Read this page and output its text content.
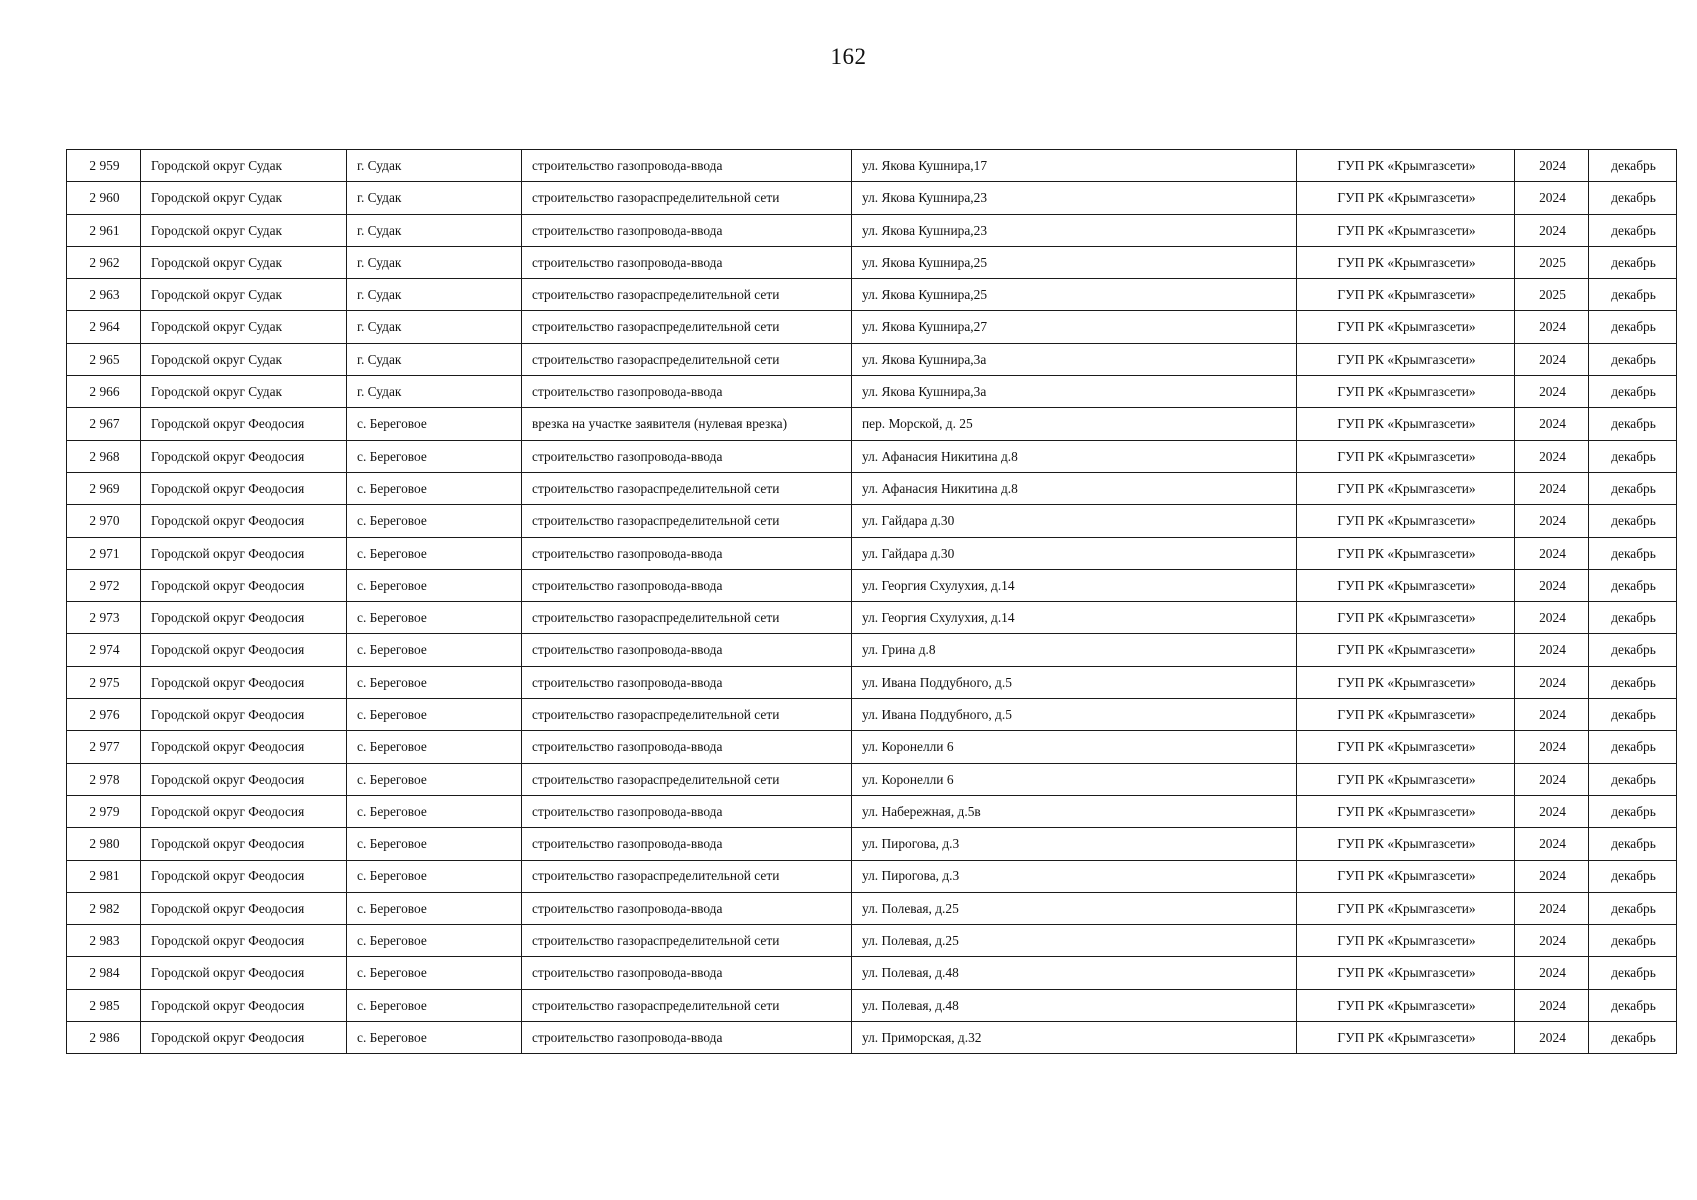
162
2 959	Городской округ Судак	г. Судак	строительство газопровода-ввода	ул. Якова Кушнира,17	ГУП РК «Крымгазсети»	2024	декабрь
2 960	Городской округ Судак	г. Судак	строительство газораспределительной сети	ул. Якова Кушнира,23	ГУП РК «Крымгазсети»	2024	декабрь
2 961	Городской округ Судак	г. Судак	строительство газопровода-ввода	ул. Якова Кушнира,23	ГУП РК «Крымгазсети»	2024	декабрь
2 962	Городской округ Судак	г. Судак	строительство газопровода-ввода	ул. Якова Кушнира,25	ГУП РК «Крымгазсети»	2025	декабрь
2 963	Городской округ Судак	г. Судак	строительство газораспределительной сети	ул. Якова Кушнира,25	ГУП РК «Крымгазсети»	2025	декабрь
2 964	Городской округ Судак	г. Судак	строительство газораспределительной сети	ул. Якова Кушнира,27	ГУП РК «Крымгазсети»	2024	декабрь
2 965	Городской округ Судак	г. Судак	строительство газораспределительной сети	ул. Якова Кушнира,3а	ГУП РК «Крымгазсети»	2024	декабрь
2 966	Городской округ Судак	г. Судак	строительство газопровода-ввода	ул. Якова Кушнира,3а	ГУП РК «Крымгазсети»	2024	декабрь
2 967	Городской округ Феодосия	с. Береговое	врезка на участке заявителя (нулевая врезка)	пер. Морской, д. 25	ГУП РК «Крымгазсети»	2024	декабрь
2 968	Городской округ Феодосия	с. Береговое	строительство газопровода-ввода	ул. Афанасия Никитина д.8	ГУП РК «Крымгазсети»	2024	декабрь
2 969	Городской округ Феодосия	с. Береговое	строительство газораспределительной сети	ул. Афанасия Никитина д.8	ГУП РК «Крымгазсети»	2024	декабрь
2 970	Городской округ Феодосия	с. Береговое	строительство газораспределительной сети	ул. Гайдара д.30	ГУП РК «Крымгазсети»	2024	декабрь
2 971	Городской округ Феодосия	с. Береговое	строительство газопровода-ввода	ул. Гайдара д.30	ГУП РК «Крымгазсети»	2024	декабрь
2 972	Городской округ Феодосия	с. Береговое	строительство газопровода-ввода	ул. Георгия Схулухия, д.14	ГУП РК «Крымгазсети»	2024	декабрь
2 973	Городской округ Феодосия	с. Береговое	строительство газораспределительной сети	ул. Георгия Схулухия, д.14	ГУП РК «Крымгазсети»	2024	декабрь
2 974	Городской округ Феодосия	с. Береговое	строительство газопровода-ввода	ул. Грина д.8	ГУП РК «Крымгазсети»	2024	декабрь
2 975	Городской округ Феодосия	с. Береговое	строительство газопровода-ввода	ул. Ивана Поддубного, д.5	ГУП РК «Крымгазсети»	2024	декабрь
2 976	Городской округ Феодосия	с. Береговое	строительство газораспределительной сети	ул. Ивана Поддубного, д.5	ГУП РК «Крымгазсети»	2024	декабрь
2 977	Городской округ Феодосия	с. Береговое	строительство газопровода-ввода	ул. Коронелли 6	ГУП РК «Крымгазсети»	2024	декабрь
2 978	Городской округ Феодосия	с. Береговое	строительство газораспределительной сети	ул. Коронелли 6	ГУП РК «Крымгазсети»	2024	декабрь
2 979	Городской округ Феодосия	с. Береговое	строительство газопровода-ввода	ул. Набережная, д.5в	ГУП РК «Крымгазсети»	2024	декабрь
2 980	Городской округ Феодосия	с. Береговое	строительство газопровода-ввода	ул. Пирогова, д.3	ГУП РК «Крымгазсети»	2024	декабрь
2 981	Городской округ Феодосия	с. Береговое	строительство газораспределительной сети	ул. Пирогова, д.3	ГУП РК «Крымгазсети»	2024	декабрь
2 982	Городской округ Феодосия	с. Береговое	строительство газопровода-ввода	ул. Полевая, д.25	ГУП РК «Крымгазсети»	2024	декабрь
2 983	Городской округ Феодосия	с. Береговое	строительство газораспределительной сети	ул. Полевая, д.25	ГУП РК «Крымгазсети»	2024	декабрь
2 984	Городской округ Феодосия	с. Береговое	строительство газопровода-ввода	ул. Полевая, д.48	ГУП РК «Крымгазсети»	2024	декабрь
2 985	Городской округ Феодосия	с. Береговое	строительство газораспределительной сети	ул. Полевая, д.48	ГУП РК «Крымгазсети»	2024	декабрь
2 986	Городской округ Феодосия	с. Береговое	строительство газопровода-ввода	ул. Приморская, д.32	ГУП РК «Крымгазсети»	2024	декабрь
